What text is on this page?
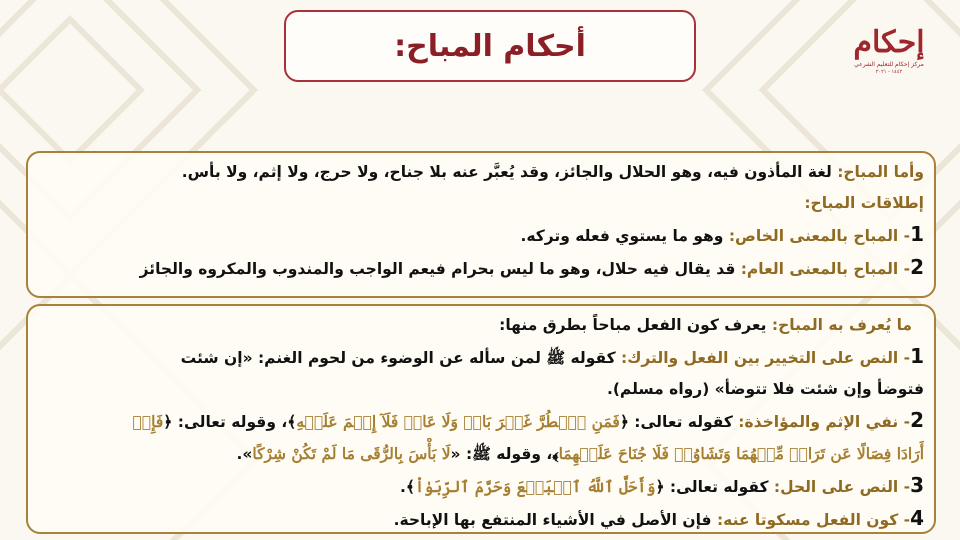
أحكام المباح:	إحكام
مركز إحكام للتعليم الشرعي
١٤٤٢ - ٢٠٢١
وأما المباح: لغة المأذون فيه، وهو الحلال والجائز، وقد يُعبَّر عنه بلا جناح، ولا حرج، ولا إثم، ولا بأس.
إطلاقات المباح:
1- المباح بالمعنى الخاص: وهو ما يستوي فعله وتركه.
2- المباح بالمعنى العام: قد يقال فيه حلال، وهو ما ليس بحرام فيعم الواجب والمندوب والمكروه والجائز
ما يُعرف به المباح: يعرف كون الفعل مباحاً بطرق منها:
1- النص على التخيير بين الفعل والترك: كقوله ﷺ لمن سأله عن الوضوء من لحوم الغنم: «إن شئت
فتوضأ وإن شئت فلا تتوضأ» (رواه مسلم).
2- نفي الإثم والمؤاخذة: كقوله تعالى: ﴿فَمَنِ ٱضۡطُرَّ غَيۡرَ بَاغٖ وَلَا عَادٖ فَلَآ إِثۡمَ عَلَيۡهِ﴾، وقوله تعالى: ﴿فَإِنۡ
أَرَادَا فِصَالًا عَن تَرَاضٖ مِّنۡهُمَا وَتَشَاوُرٖ فَلَا جُنَاحَ عَلَيۡهِمَا﴾، وقوله ﷺ: «لَا بَأْسَ بِالرُّقَى مَا لَمْ تَكُنْ شِرْكًا».
3- النص على الحل: كقوله تعالى: ﴿وَأَحَلَّ ٱللَّهُ ٱلۡبَيۡعَ وَحَرَّمَ ٱلرِّبَوٰاْ﴾.
4- كون الفعل مسكوتا عنه: فإن الأصل في الأشياء المنتفع بها الإباحة.
